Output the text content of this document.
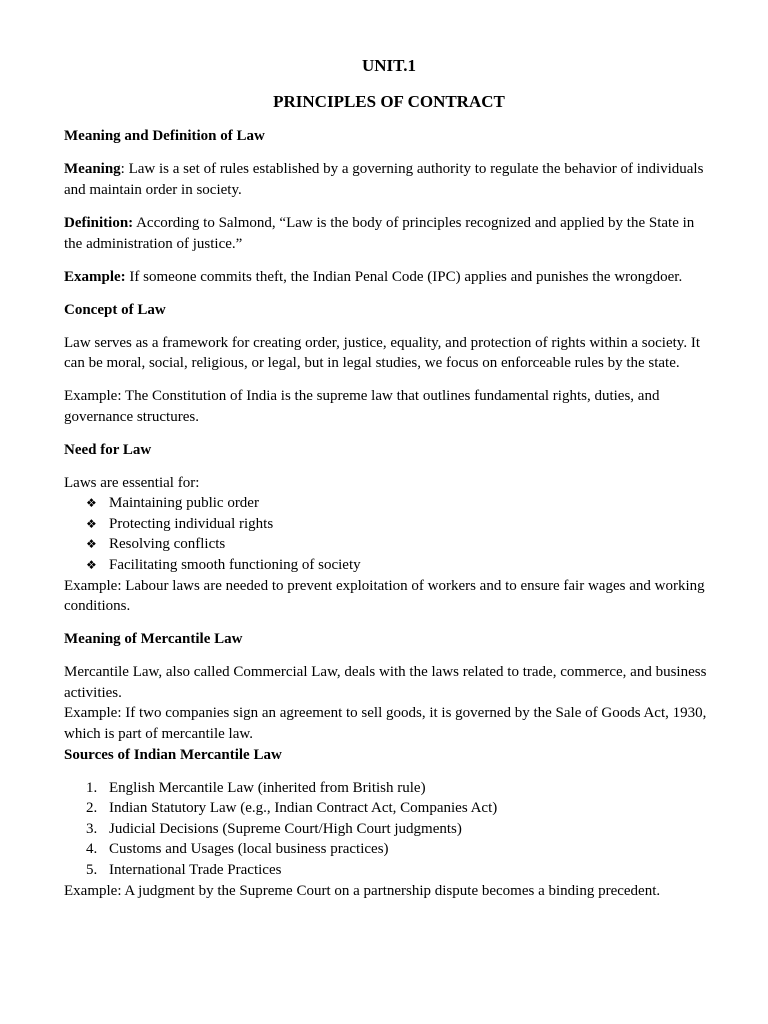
UNIT.1
PRINCIPLES OF CONTRACT

Meaning and Definition of Law

Meaning: Law is a set of rules established by a governing authority to regulate the behavior of individuals and maintain order in society.

Definition: According to Salmond, “Law is the body of principles recognized and applied by the State in the administration of justice.”

Example: If someone commits theft, the Indian Penal Code (IPC) applies and punishes the wrongdoer.

Concept of Law

Law serves as a framework for creating order, justice, equality, and protection of rights within a society. It can be moral, social, religious, or legal, but in legal studies, we focus on enforceable rules by the state.

Example: The Constitution of India is the supreme law that outlines fundamental rights, duties, and governance structures.

Need for Law

Laws are essential for:

❖ Maintaining public order
❖ Protecting individual rights
❖ Resolving conflicts
❖ Facilitating smooth functioning of society

Example: Labour laws are needed to prevent exploitation of workers and to ensure fair wages and working conditions.

Meaning of Mercantile Law

Mercantile Law, also called Commercial Law, deals with the laws related to trade, commerce, and business activities.

Example: If two companies sign an agreement to sell goods, it is governed by the Sale of Goods Act, 1930, which is part of mercantile law.

Sources of Indian Mercantile Law

1. English Mercantile Law (inherited from British rule)
2. Indian Statutory Law (e.g., Indian Contract Act, Companies Act)
3. Judicial Decisions (Supreme Court/High Court judgments)
4. Customs and Usages (local business practices)
5. International Trade Practices

Example: A judgment by the Supreme Court on a partnership dispute becomes a binding precedent.
